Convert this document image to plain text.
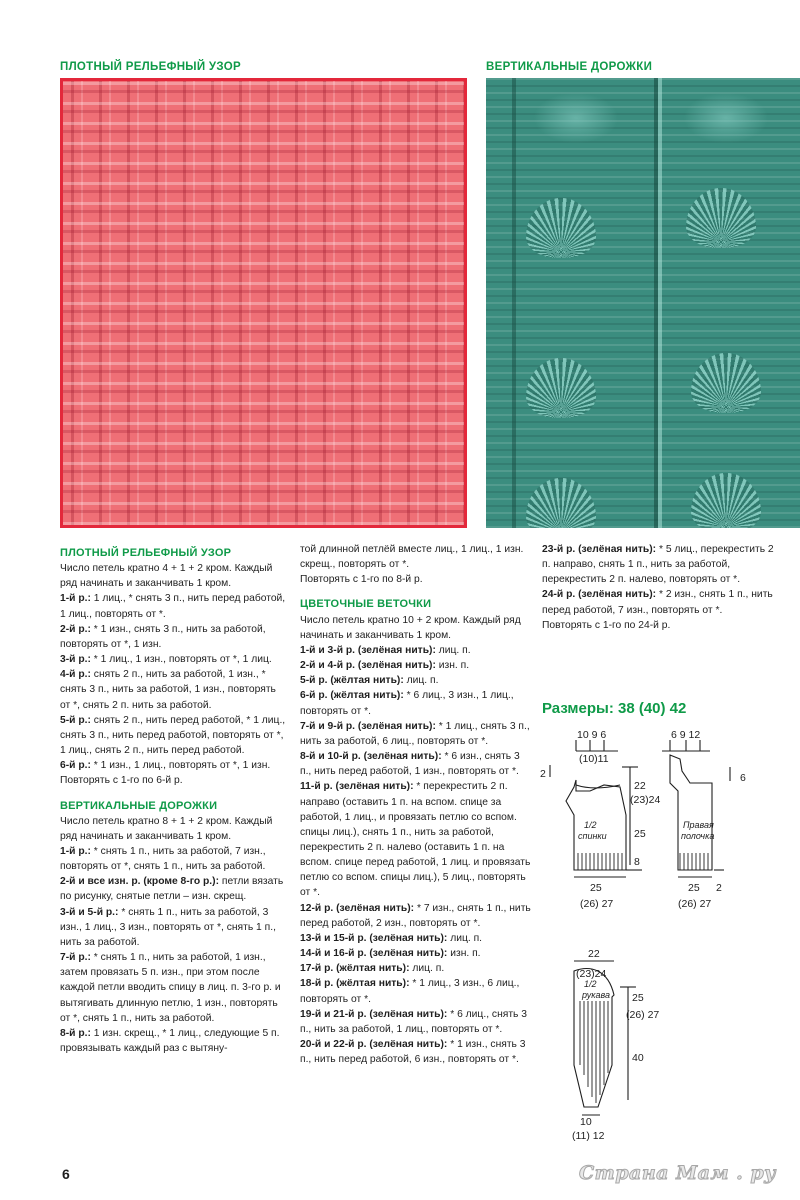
ПЛОТНЫЙ РЕЛЬЕФНЫЙ УЗОР	ВЕРТИКАЛЬНЫЕ ДОРОЖКИ

ПЛОТНЫЙ РЕЛЬЕФНЫЙ УЗОР

Число петель кратно 4 + 1 + 2 кром. Каждый ряд начинать и заканчивать 1 кром.

1-й р.: 1 лиц., * снять 3 п., нить перед работой, 1 лиц., повторять от *.

2-й р.: * 1 изн., снять 3 п., нить за работой, повторять от *, 1 изн.

3-й р.: * 1 лиц., 1 изн., повторять от *, 1 лиц.

4-й р.: снять 2 п., нить за работой, 1 изн., * снять 3 п., нить за работой, 1 изн., повторять от *, снять 2 п. нить за работой.

5-й р.: снять 2 п., нить перед работой, * 1 лиц., снять 3 п., нить перед работой, повторять от *, 1 лиц., снять 2 п., нить перед работой.

6-й р.: * 1 изн., 1 лиц., повторять от *, 1 изн.

Повторять с 1-го по 6-й р.

ВЕРТИКАЛЬНЫЕ ДОРОЖКИ

Число петель кратно 8 + 1 + 2 кром. Каждый ряд начинать и заканчивать 1 кром.

1-й р.: * снять 1 п., нить за работой, 7 изн., повторять от *, снять 1 п., нить за работой.

2-й и все изн. р. (кроме 8-го р.): петли вязать по рисунку, снятые петли – изн. скрещ.

3-й и 5-й р.: * снять 1 п., нить за работой, 3 изн., 1 лиц., 3 изн., повторять от *, снять 1 п., нить за работой.

7-й р.: * снять 1 п., нить за работой, 1 изн., затем провязать 5 п. изн., при этом после каждой петли вводить спицу в лиц. п. 3-го р. и вытягивать длинную петлю, 1 изн., повторять от *, снять 1 п., нить за работой.

8-й р.: 1 изн. скрещ., * 1 лиц., следующие 5 п. провязывать каждый раз с вытяну-

той длинной петлёй вместе лиц., 1 лиц., 1 изн. скрещ., повторять от *.

Повторять с 1-го по 8-й р.

ЦВЕТОЧНЫЕ ВЕТОЧКИ

Число петель кратно 10 + 2 кром. Каждый ряд начинать и заканчивать 1 кром.

1-й и 3-й р. (зелёная нить): лиц. п.

2-й и 4-й р. (зелёная нить): изн. п.

5-й р. (жёлтая нить): лиц. п.

6-й р. (жёлтая нить): * 6 лиц., 3 изн., 1 лиц., повторять от *.

7-й и 9-й р. (зелёная нить): * 1 лиц., снять 3 п., нить за работой, 6 лиц., повторять от *.

8-й и 10-й р. (зелёная нить): * 6 изн., снять 3 п., нить перед работой, 1 изн., повторять от *.

11-й р. (зелёная нить): * перекрестить 2 п. направо (оставить 1 п. на вспом. спице за работой, 1 лиц., и провязать петлю со вспом. спицы лиц.), снять 1 п., нить за работой, перекрестить 2 п. налево (оставить 1 п. на вспом. спице перед работой, 1 лиц. и провязать петлю со вспом. спицы лиц.), 5 лиц., повторять от *.

12-й р. (зелёная нить): * 7 изн., снять 1 п., нить перед работой, 2 изн., повторять от *.

13-й и 15-й р. (зелёная нить): лиц. п.

14-й и 16-й р. (зелёная нить): изн. п.

17-й р. (жёлтая нить): лиц. п.

18-й р. (жёлтая нить): * 1 лиц., 3 изн., 6 лиц., повторять от *.

19-й и 21-й р. (зелёная нить): * 6 лиц., снять 3 п., нить за работой, 1 лиц., повторять от *.

20-й и 22-й р. (зелёная нить): * 1 изн., снять 3 п., нить перед работой, 6 изн., повторять от *.

23-й р. (зелёная нить): * 5 лиц., перекрестить 2 п. направо, снять 1 п., нить за работой, перекрестить 2 п. налево, повторять от *.

24-й р. (зелёная нить): * 2 изн., снять 1 п., нить перед работой, 7 изн., повторять от *.

Повторять с 1-го по 24-й р.

Размеры: 38 (40) 42
10 9 6
(10)11
2
1/2
спинки
22
(23)24
25
8
25
(26) 27
6 9 12
6
Правая
полочка
25
(26) 27
2
22
(23)24
1/2
рукава 25
(26) 27
40
10
(11) 12
6	Страна Мам . ру
